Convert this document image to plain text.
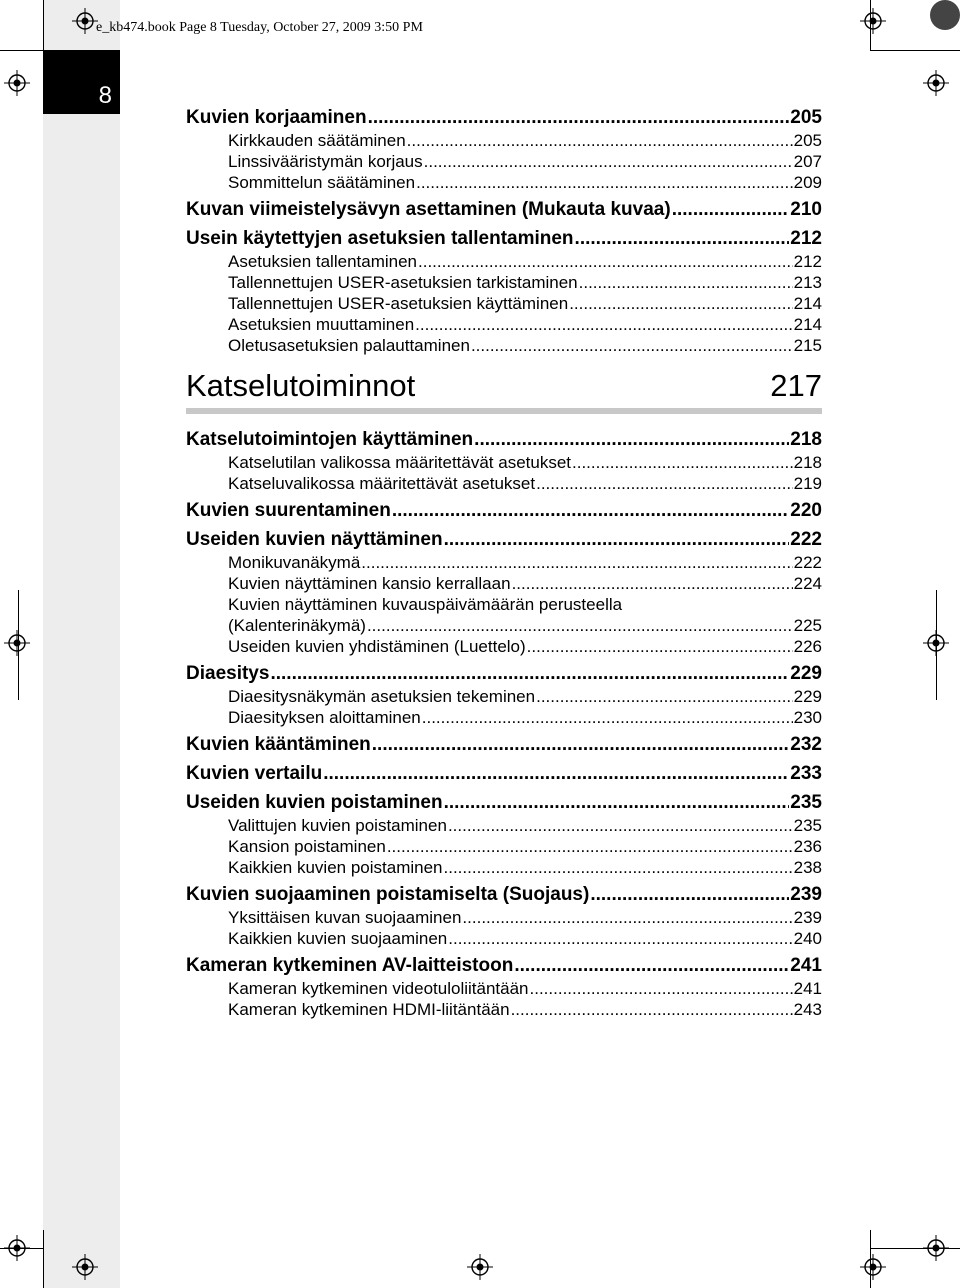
8
e_kb474.book Page 8 Tuesday, October 27, 2009 3:50 PM
Kuvien korjaaminen .....	205
Kirkkauden säätäminen .....	205
Linssivääristymän korjaus .....	207
Sommittelun säätäminen .....	209
Kuvan viimeistelysävyn asettaminen (Mukauta kuvaa) .....	210
Usein käytettyjen asetuksien tallentaminen .....	212
Asetuksien tallentaminen .....	212
Tallennettujen USER-asetuksien tarkistaminen .....	213
Tallennettujen USER-asetuksien käyttäminen .....	214
Asetuksien muuttaminen .....	214
Oletusasetuksien palauttaminen .....	215
Katselutoiminnot	217
Katselutoimintojen käyttäminen .....	218
Katselutilan valikossa määritettävät asetukset .....	218
Katseluvalikossa määritettävät asetukset .....	219
Kuvien suurentaminen .....	220
Useiden kuvien näyttäminen .....	222
Monikuvanäkymä .....	222
Kuvien näyttäminen kansio kerrallaan .....	224
Kuvien näyttäminen kuvauspäivämäärän perusteella
(Kalenterinäkymä) .....	225
Useiden kuvien yhdistäminen (Luettelo) .....	226
Diaesitys .....	229
Diaesitysnäkymän asetuksien tekeminen .....	229
Diaesityksen aloittaminen .....	230
Kuvien kääntäminen .....	232
Kuvien vertailu .....	233
Useiden kuvien poistaminen .....	235
Valittujen kuvien poistaminen .....	235
Kansion poistaminen .....	236
Kaikkien kuvien poistaminen .....	238
Kuvien suojaaminen poistamiselta (Suojaus) .....	239
Yksittäisen kuvan suojaaminen .....	239
Kaikkien kuvien suojaaminen .....	240
Kameran kytkeminen AV-laitteistoon .....	241
Kameran kytkeminen videotuloliitäntään .....	241
Kameran kytkeminen HDMI-liitäntään .....	243
